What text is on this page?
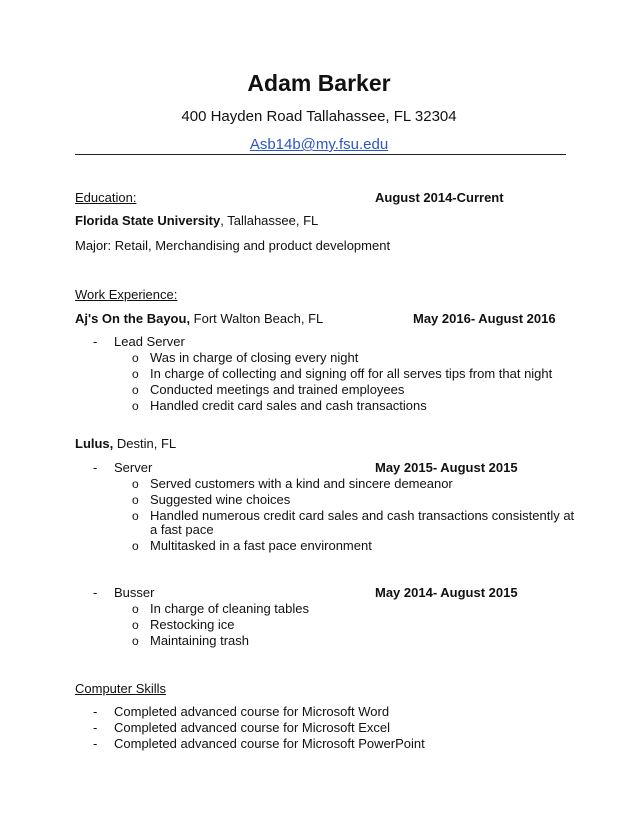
Adam Barker
400 Hayden Road Tallahassee, FL 32304
Asb14b@my.fsu.edu
Education:	August 2014-Current
Florida State University, Tallahassee, FL
Major: Retail, Merchandising and product development
Work Experience:
Aj's On the Bayou, Fort Walton Beach, FL	May 2016- August 2016
- Lead Server
o Was in charge of closing every night
o In charge of collecting and signing off for all serves tips from that night
o Conducted meetings and trained employees
o Handled credit card sales and cash transactions
Lulus, Destin, FL
- Server	May 2015- August 2015
o Served customers with a kind and sincere demeanor
o Suggested wine choices
o Handled numerous credit card sales and cash transactions consistently at
a fast pace
o Multitasked in a fast pace environment
- Busser	May 2014- August 2015
o In charge of cleaning tables
o Restocking ice
o Maintaining trash
Computer Skills
- Completed advanced course for Microsoft Word
- Completed advanced course for Microsoft Excel
- Completed advanced course for Microsoft PowerPoint
